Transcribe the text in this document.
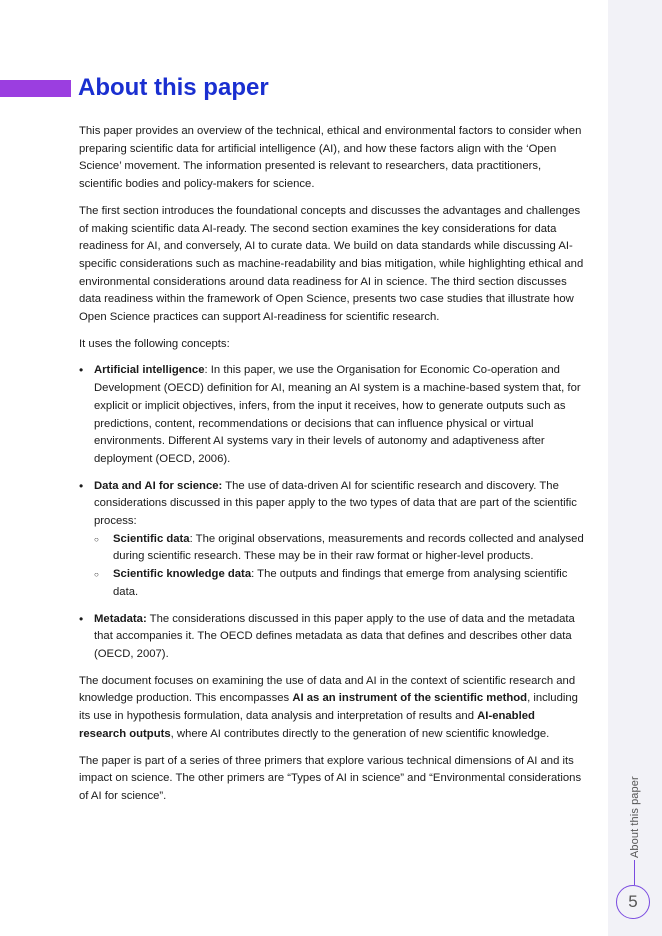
About this paper
5
About this paper

This paper provides an overview of the technical, ethical and environmental factors to consider when preparing scientific data for artificial intelligence (AI), and how these factors align with the ‘Open Science’ movement. The information presented is relevant to researchers, data practitioners, scientific bodies and policy-makers for science.

The first section introduces the foundational concepts and discusses the advantages and challenges of making scientific data AI-ready. The second section examines the key considerations for data readiness for AI, and conversely, AI to curate data. We build on data standards while discussing AI-specific considerations such as machine-readability and bias mitigation, while highlighting ethical and environmental considerations around data readiness for AI in science. The third section discusses data readiness within the framework of Open Science, presents two case studies that illustrate how Open Science practices can support AI-readiness for scientific research.

It uses the following concepts:

• Artificial intelligence: In this paper, we use the Organisation for Economic Co-operation and Development (OECD) definition for AI, meaning an AI system is a machine-based system that, for explicit or implicit objectives, infers, from the input it receives, how to generate outputs such as predictions, content, recommendations or decisions that can influence physical or virtual environments. Different AI systems vary in their levels of autonomy and adaptiveness after deployment (OECD, 2006).
• Data and AI for science: The use of data-driven AI for scientific research and discovery. The considerations discussed in this paper apply to the two types of data that are part of the scientific process:
○ Scientific data: The original observations, measurements and records collected and analysed during scientific research. These may be in their raw format or higher-level products.
○ Scientific knowledge data: The outputs and findings that emerge from analysing scientific data.
• Metadata: The considerations discussed in this paper apply to the use of data and the metadata that accompanies it. The OECD defines metadata as data that defines and describes other data (OECD, 2007).

The document focuses on examining the use of data and AI in the context of scientific research and knowledge production. This encompasses AI as an instrument of the scientific method, including its use in hypothesis formulation, data analysis and interpretation of results and AI-enabled research outputs, where AI contributes directly to the generation of new scientific knowledge.

The paper is part of a series of three primers that explore various technical dimensions of AI and its impact on science. The other primers are “Types of AI in science” and “Environmental considerations of AI for science”.
